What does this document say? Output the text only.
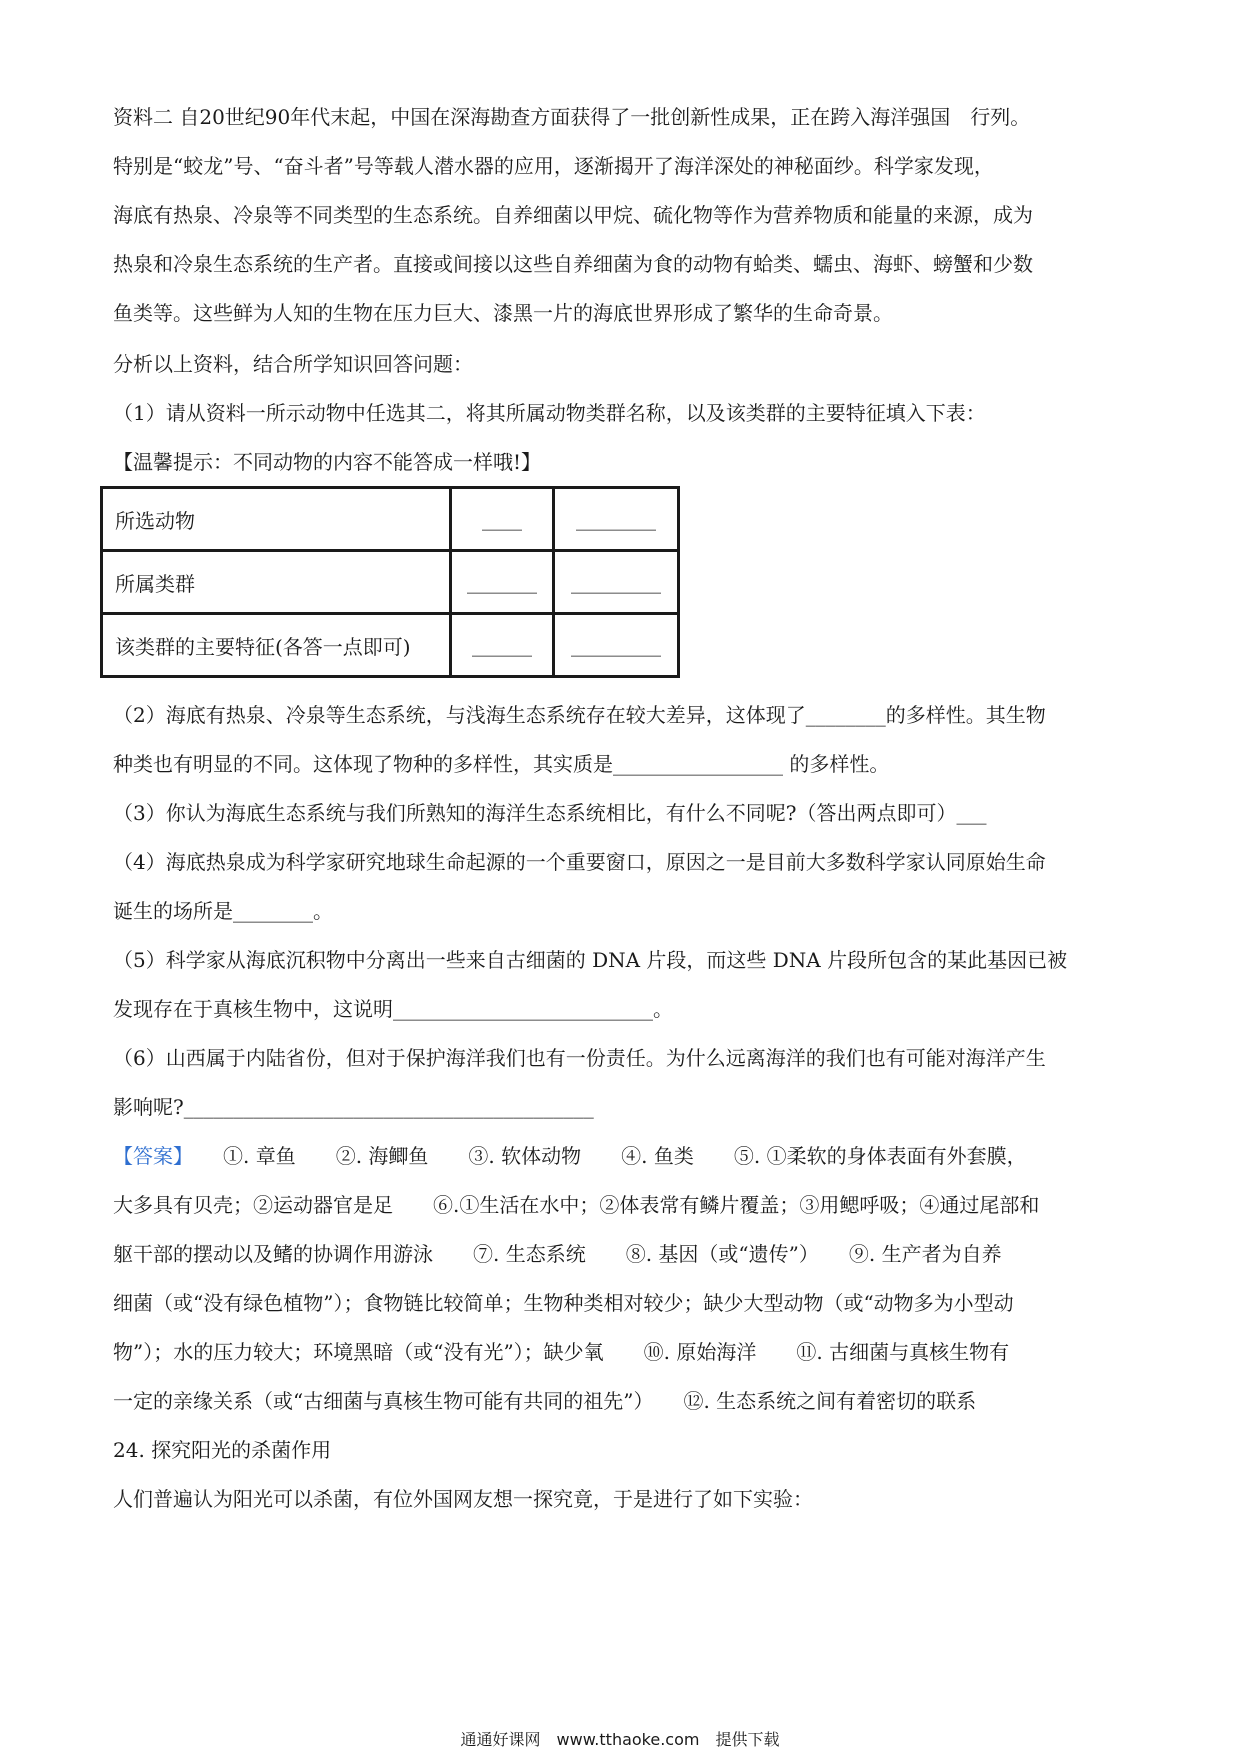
资料二 自20世纪90年代末起，中国在深海勘查方面获得了一批创新性成果，正在跨入海洋强国　行列。
特别是“蛟龙”号、“奋斗者”号等载人潜水器的应用，逐渐揭开了海洋深处的神秘面纱。科学家发现，
海底有热泉、冷泉等不同类型的生态系统。自养细菌以甲烷、硫化物等作为营养物质和能量的来源，成为
热泉和冷泉生态系统的生产者。直接或间接以这些自养细菌为食的动物有蛤类、蠕虫、海虾、螃蟹和少数
鱼类等。这些鲜为人知的生物在压力巨大、漆黑一片的海底世界形成了繁华的生命奇景。
分析以上资料，结合所学知识回答问题：
（1）请从资料一所示动物中任选其二，将其所属动物类群名称，以及该类群的主要特征填入下表：
【温馨提示：不同动物的内容不能答成一样哦!】
所选动物	____	________
所属类群	_______	_________
该类群的主要特征(各答一点即可)	______	_________
（2）海底有热泉、冷泉等生态系统，与浅海生态系统存在较大差异，这体现了________的多样性。其生物
种类也有明显的不同。这体现了物种的多样性，其实质是_________________ 的多样性。
（3）你认为海底生态系统与我们所熟知的海洋生态系统相比，有什么不同呢?（答出两点即可）___
（4）海底热泉成为科学家研究地球生命起源的一个重要窗口，原因之一是目前大多数科学家认同原始生命
诞生的场所是________。
（5）科学家从海底沉积物中分离出一些来自古细菌的 DNA 片段，而这些 DNA 片段所包含的某此基因已被
发现存在于真核生物中，这说明__________________________。
（6）山西属于内陆省份，但对于保护海洋我们也有一份责任。为什么远离海洋的我们也有可能对海洋产生
影响呢?_________________________________________
【答案】　　①. 章鱼　　②. 海鲫鱼　　③. 软体动物　　④. 鱼类　　⑤. ①柔软的身体表面有外套膜，
大多具有贝壳；②运动器官是足　　⑥.①生活在水中；②体表常有鳞片覆盖；③用鳃呼吸；④通过尾部和
躯干部的摆动以及鳍的协调作用游泳　　⑦. 生态系统　　⑧. 基因（或“遗传”）　　⑨. 生产者为自养
细菌（或“没有绿色植物”）；食物链比较简单；生物种类相对较少；缺少大型动物（或“动物多为小型动
物”）；水的压力较大；环境黑暗（或“没有光”）；缺少氧　　⑩. 原始海洋　　⑪. 古细菌与真核生物有
一定的亲缘关系（或“古细菌与真核生物可能有共同的祖先”）　　⑫. 生态系统之间有着密切的联系
24. 探究阳光的杀菌作用
人们普遍认为阳光可以杀菌，有位外国网友想一探究竟，于是进行了如下实验：
通通好课网　www.tthaoke.com　提供下载
